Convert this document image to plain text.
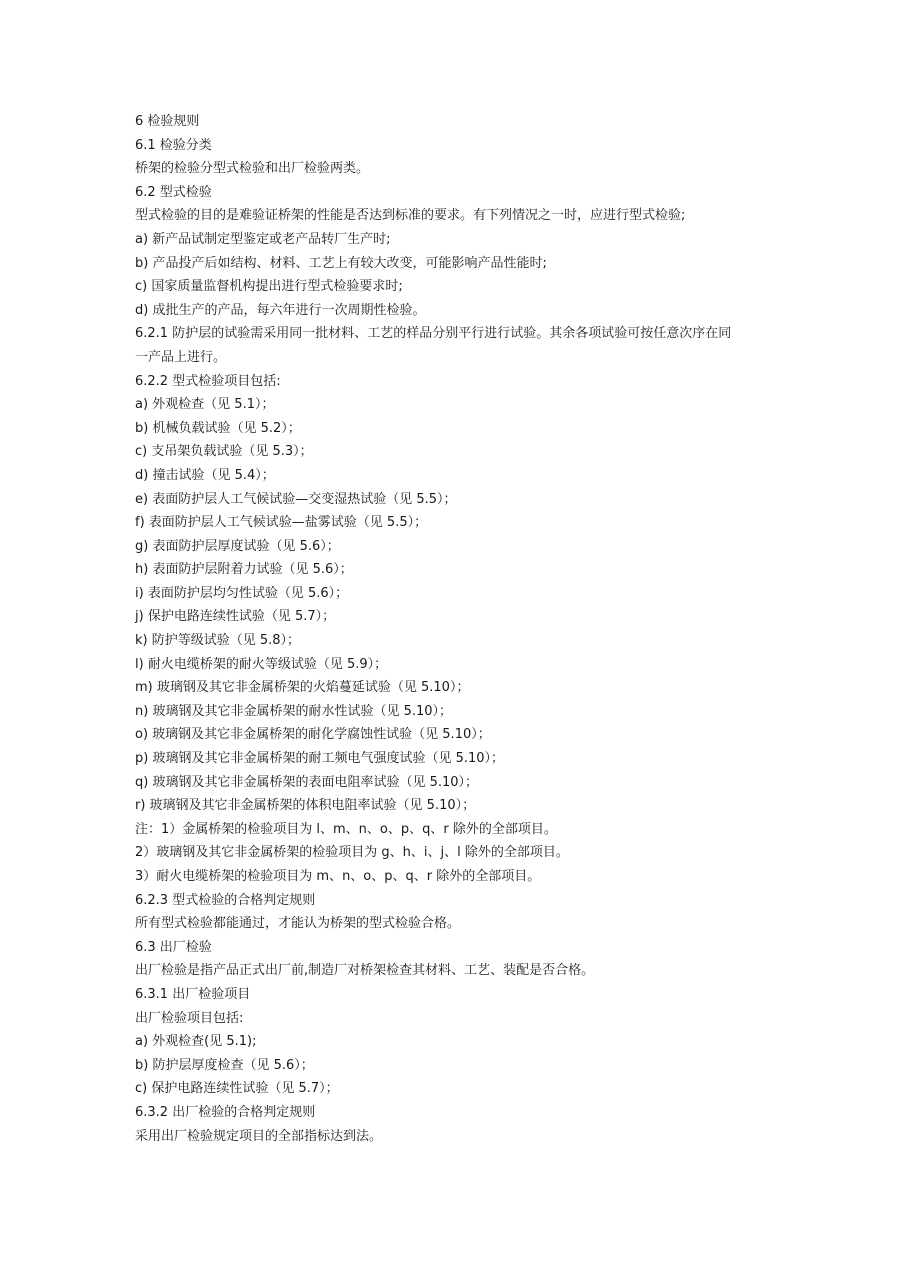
6 检验规则
6.1 检验分类
桥架的检验分型式检验和出厂检验两类。
6.2 型式检验
型式检验的目的是难验证桥架的性能是否达到标准的要求。有下列情况之一时，应进行型式检验;
a) 新产品试制定型鉴定或老产品转厂生产时;
b) 产品投产后如结构、材料、工艺上有较大改变，可能影响产品性能时;
c) 国家质量监督机构提出进行型式检验要求时;
d) 成批生产的产品，每六年进行一次周期性检验。
6.2.1 防护层的试验需采用同一批材料、工艺的样品分别平行进行试验。其余各项试验可按任意次序在同
一产品上进行。
6.2.2 型式检验项目包括:
a) 外观检查（见 5.1）；
b) 机械负载试验（见 5.2）；
c) 支吊架负载试验（见 5.3）；
d) 撞击试验（见 5.4）；
e) 表面防护层人工气候试验—交变湿热试验（见 5.5）；
f) 表面防护层人工气候试验—盐雾试验（见 5.5）；
g) 表面防护层厚度试验（见 5.6）；
h) 表面防护层附着力试验（见 5.6）；
i) 表面防护层均匀性试验（见 5.6）；
j) 保护电路连续性试验（见 5.7）；
k) 防护等级试验（见 5.8）；
l) 耐火电缆桥架的耐火等级试验（见 5.9）；
m) 玻璃钢及其它非金属桥架的火焰蔓延试验（见 5.10）；
n) 玻璃钢及其它非金属桥架的耐水性试验（见 5.10）；
o) 玻璃钢及其它非金属桥架的耐化学腐蚀性试验（见 5.10）；
p) 玻璃钢及其它非金属桥架的耐工频电气强度试验（见 5.10）；
q) 玻璃钢及其它非金属桥架的表面电阻率试验（见 5.10）；
r) 玻璃钢及其它非金属桥架的体积电阻率试验（见 5.10）；
注：1）金属桥架的检验项目为 l、m、n、o、p、q、r 除外的全部项目。
2）玻璃钢及其它非金属桥架的检验项目为 g、h、i、j、l 除外的全部项目。
3）耐火电缆桥架的检验项目为 m、n、o、p、q、r 除外的全部项目。
6.2.3 型式检验的合格判定规则
所有型式检验都能通过，才能认为桥架的型式检验合格。
6.3 出厂检验
出厂检验是指产品正式出厂前,制造厂对桥架检查其材料、工艺、装配是否合格。
6.3.1 出厂检验项目
出厂检验项目包括:
a) 外观检查(见 5.1);
b) 防护层厚度检查（见 5.6）；
c) 保护电路连续性试验（见 5.7）；
6.3.2 出厂检验的合格判定规则
采用出厂检验规定项目的全部指标达到法。
